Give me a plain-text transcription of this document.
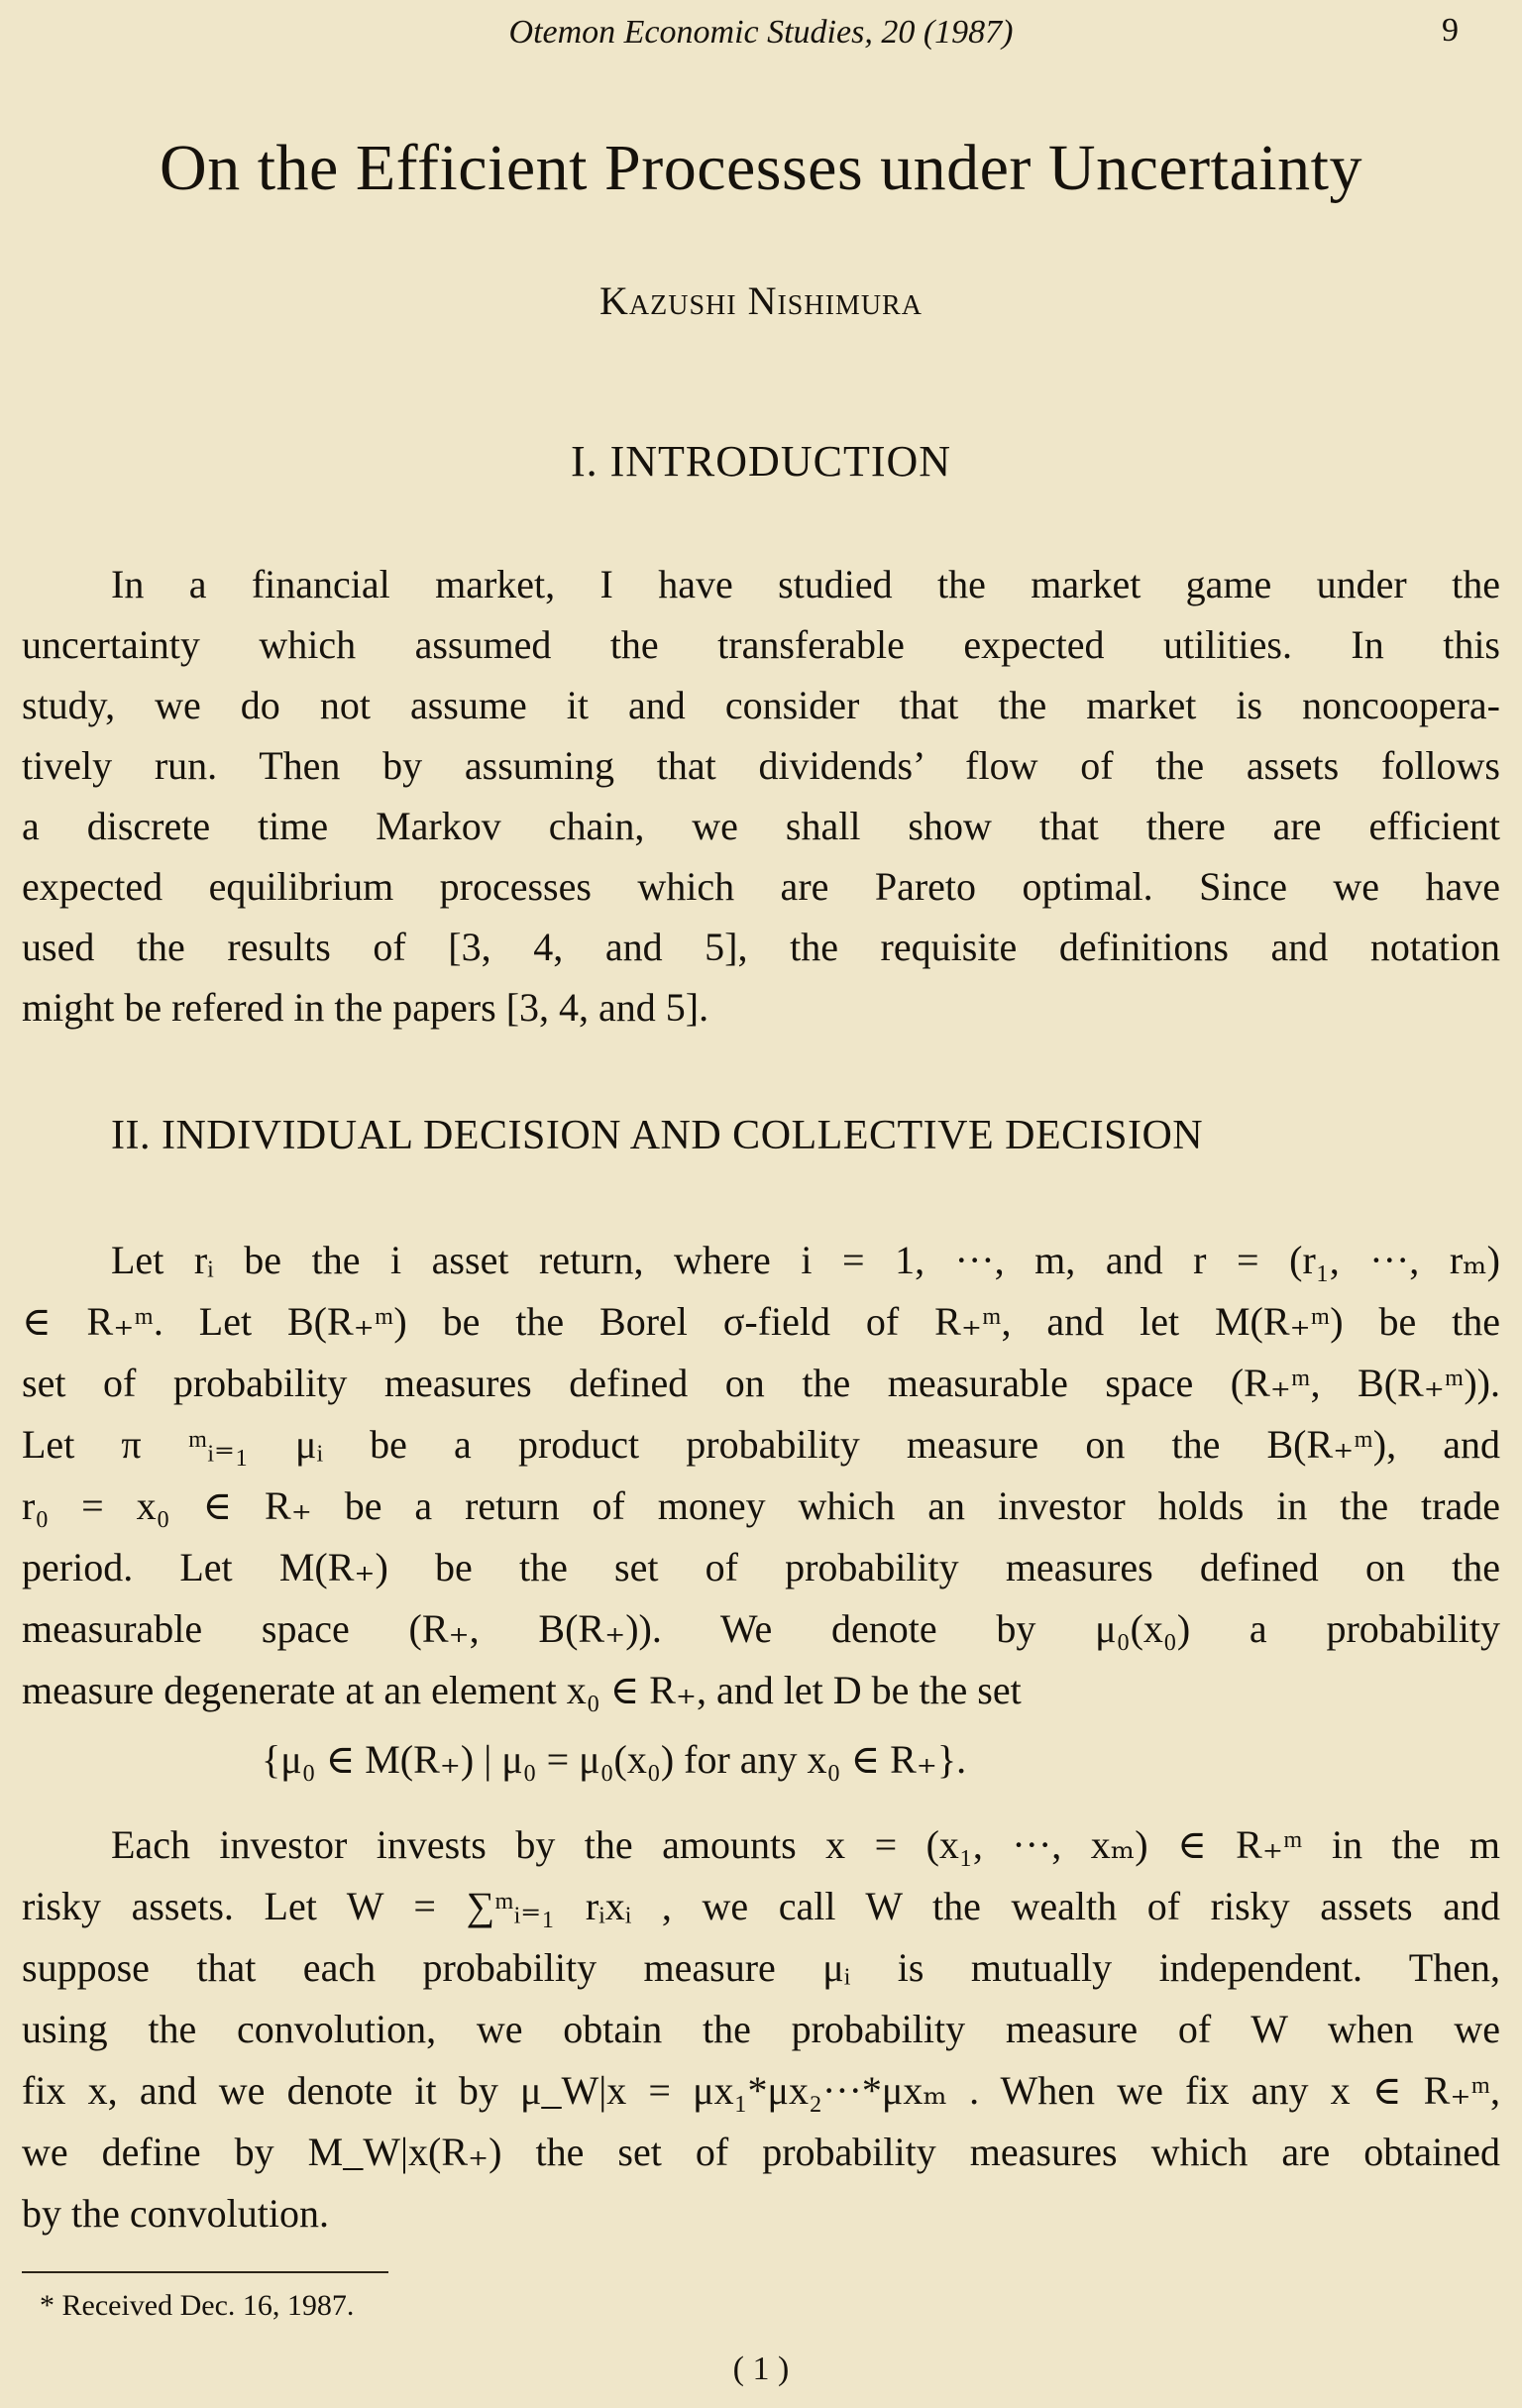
Otemon Economic Studies, 20 (1987)	9
On the Efficient Processes under Uncertainty
Kazushi Nishimura
I. INTRODUCTION
In a financial market, I have studied the market game under the
uncertainty which assumed the transferable expected utilities. In this
study, we do not assume it and consider that the market is noncoopera-
tively run. Then by assuming that dividends’ flow of the assets follows
a discrete time Markov chain, we shall show that there are efficient
expected equilibrium processes which are Pareto optimal. Since we have
used the results of [3, 4, and 5], the requisite definitions and notation
might be refered in the papers [3, 4, and 5].
II. INDIVIDUAL DECISION AND COLLECTIVE DECISION
Let rᵢ be the i asset return, where i = 1, ···, m, and r = (r₁, ···, rₘ)
∈ R₊ᵐ. Let B(R₊ᵐ) be the Borel σ-field of R₊ᵐ, and let M(R₊ᵐ) be the
set of probability measures defined on the measurable space (R₊ᵐ, B(R₊ᵐ)).
Let π ᵐᵢ₌₁ μᵢ be a product probability measure on the B(R₊ᵐ), and
r₀ = x₀ ∈ R₊ be a return of money which an investor holds in the trade
period. Let M(R₊) be the set of probability measures defined on the
measurable space (R₊, B(R₊)). We denote by μ₀(x₀) a probability
measure degenerate at an element x₀ ∈ R₊, and let D be the set
{μ₀ ∈ M(R₊) | μ₀ = μ₀(x₀) for any x₀ ∈ R₊}.
Each investor invests by the amounts x = (x₁, ···, xₘ) ∈ R₊ᵐ in the m
risky assets. Let W = ∑ᵐᵢ₌₁ rᵢxᵢ , we call W the wealth of risky assets and
suppose that each probability measure μᵢ is mutually independent. Then,
using the convolution, we obtain the probability measure of W when we
fix x, and we denote it by μ_W|x = μx₁*μx₂···*μxₘ . When we fix any x ∈ R₊ᵐ,
we define by M_W|x(R₊) the set of probability measures which are obtained
by the convolution.
* Received Dec. 16, 1987.
( 1 )
